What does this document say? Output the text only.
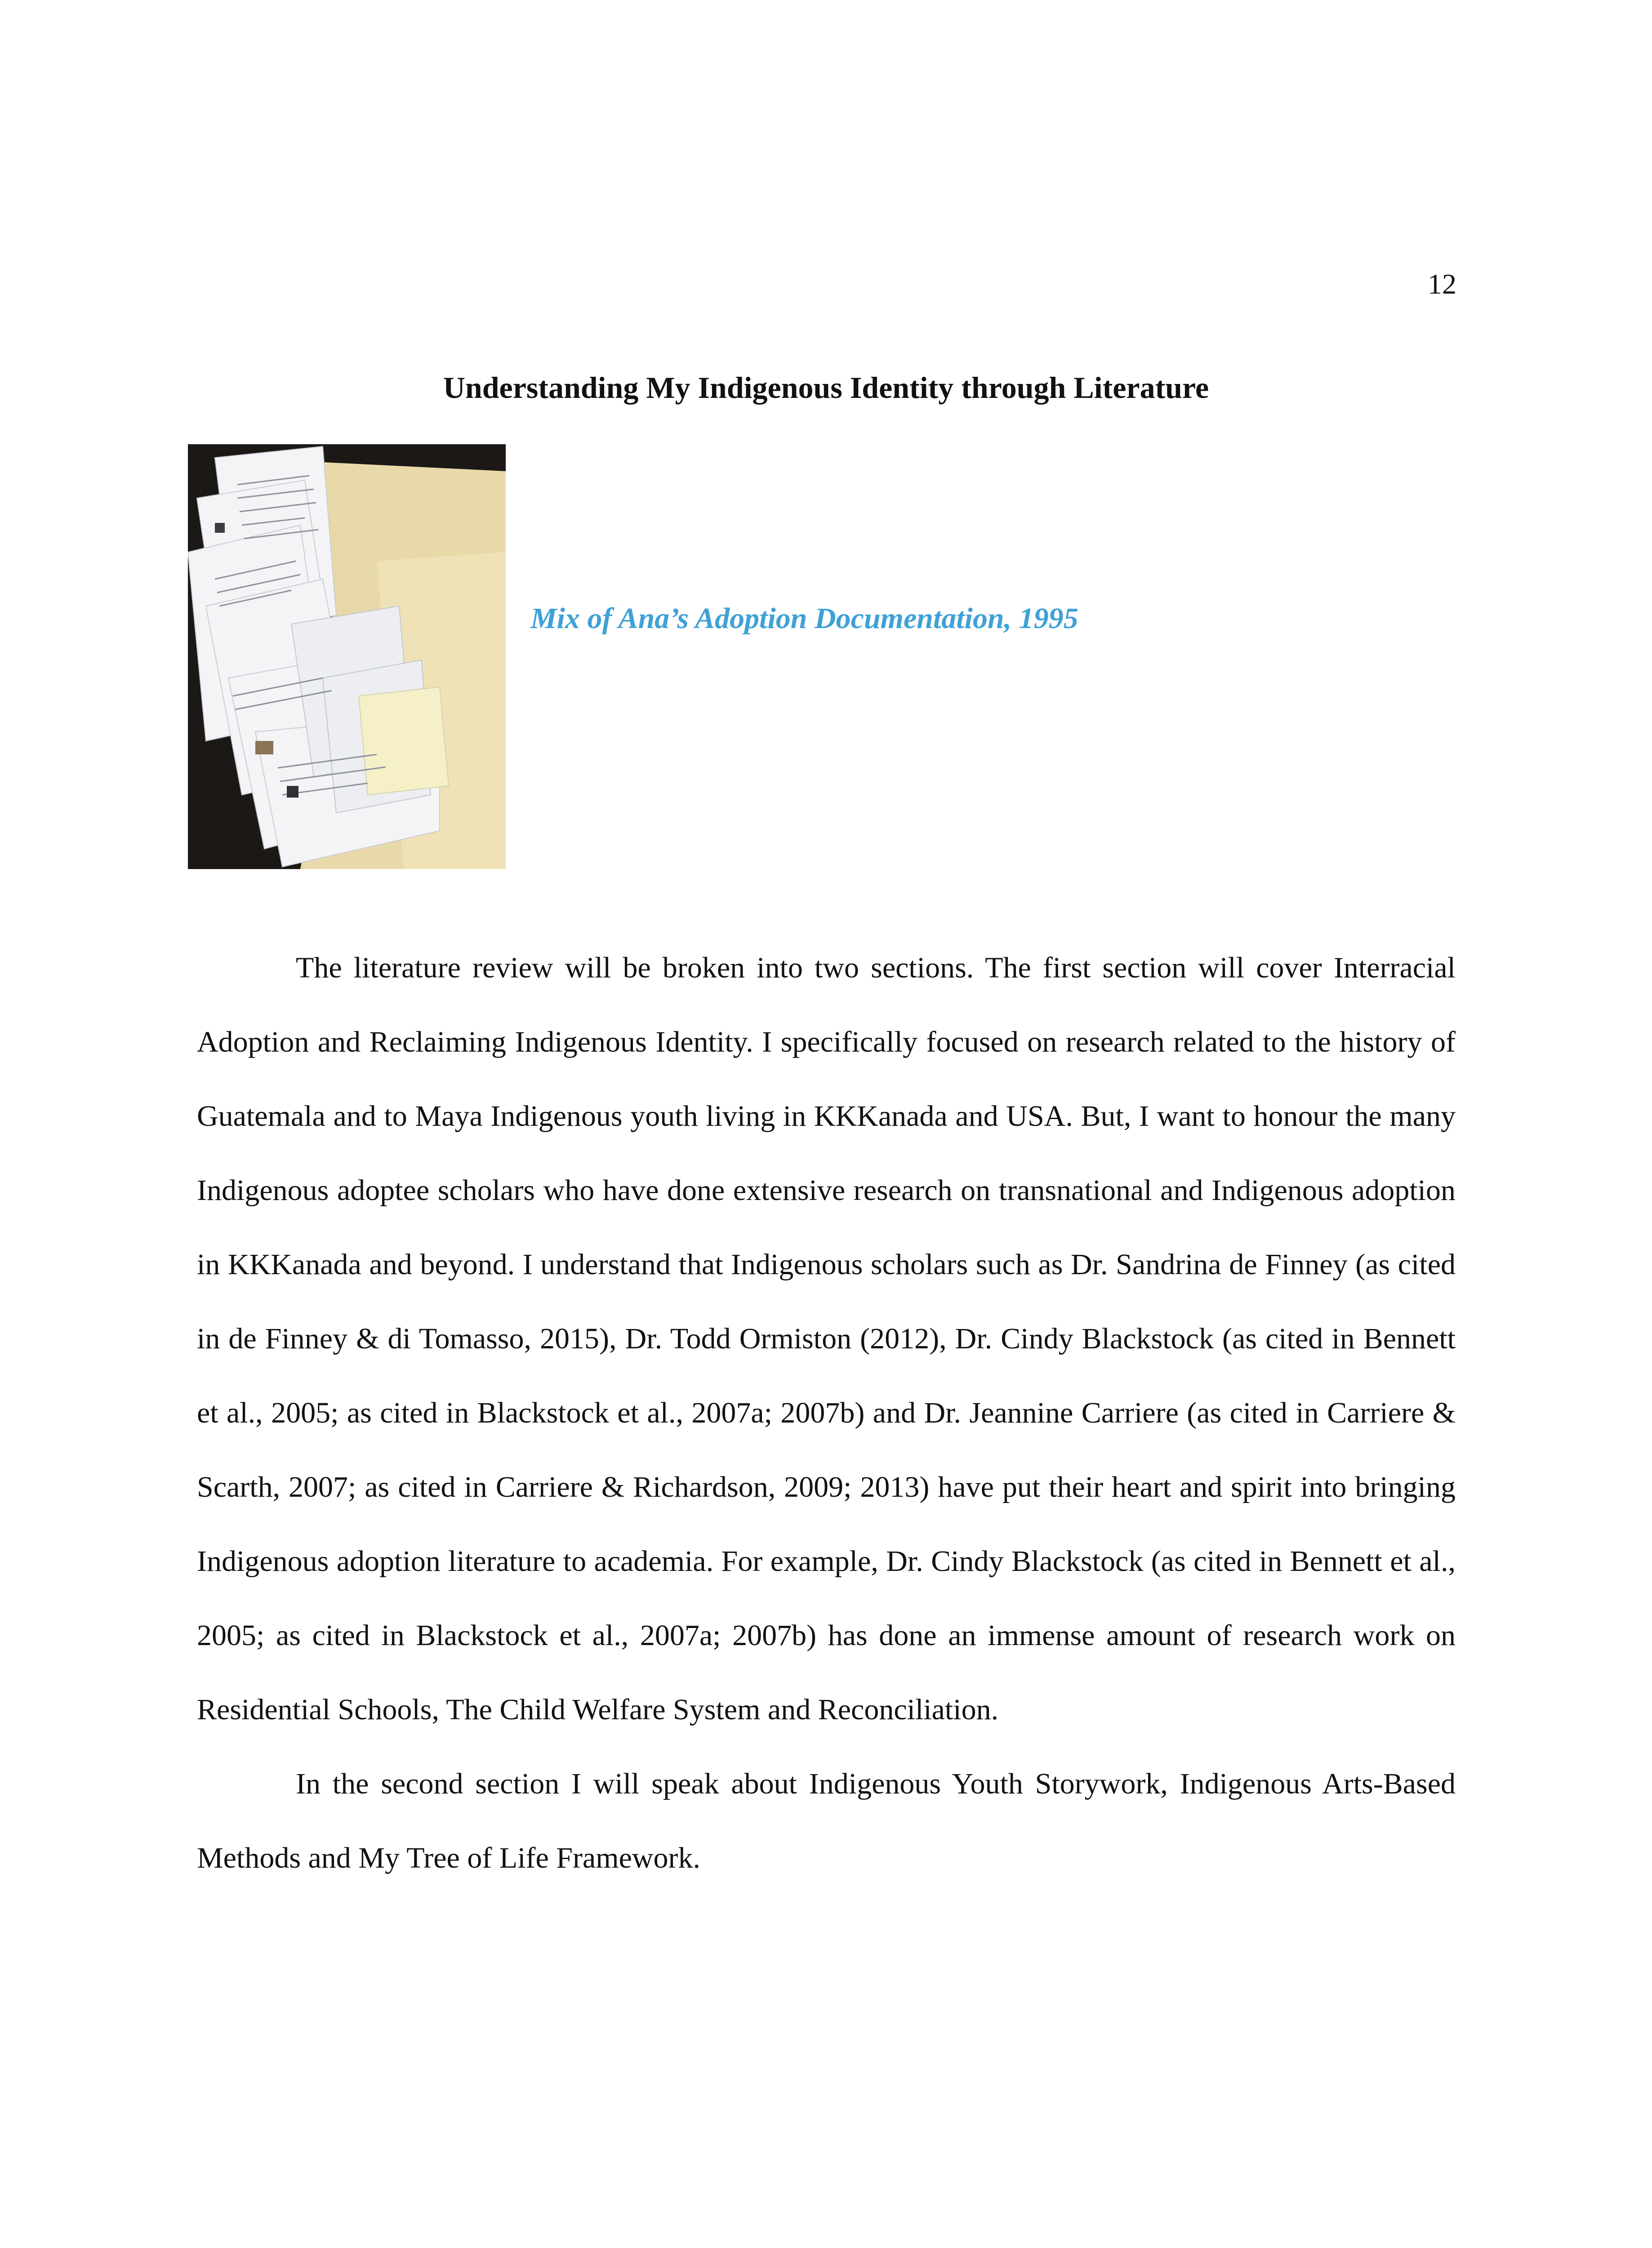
12
Understanding My Indigenous Identity through Literature
Mix of Ana’s Adoption Documentation, 1995

The literature review will be broken into two sections. The first section will cover Interracial Adoption and Reclaiming Indigenous Identity. I specifically focused on research related to the history of Guatemala and to Maya Indigenous youth living in KKKanada and USA. But, I want to honour the many Indigenous adoptee scholars who have done extensive research on transnational and Indigenous adoption in KKKanada and beyond. I understand that Indigenous scholars such as Dr. Sandrina de Finney (as cited in de Finney & di Tomasso, 2015), Dr. Todd Ormiston (2012), Dr. Cindy Blackstock (as cited in Bennett et al., 2005; as cited in Blackstock et al., 2007a; 2007b) and Dr. Jeannine Carriere (as cited in Carriere & Scarth, 2007; as cited in Carriere & Richardson, 2009; 2013) have put their heart and spirit into bringing Indigenous adoption literature to academia. For example, Dr. Cindy Blackstock (as cited in Bennett et al., 2005; as cited in Blackstock et al., 2007a; 2007b) has done an immense amount of research work on Residential Schools, The Child Welfare System and Reconciliation.

In the second section I will speak about Indigenous Youth Storywork, Indigenous Arts-Based Methods and My Tree of Life Framework.
